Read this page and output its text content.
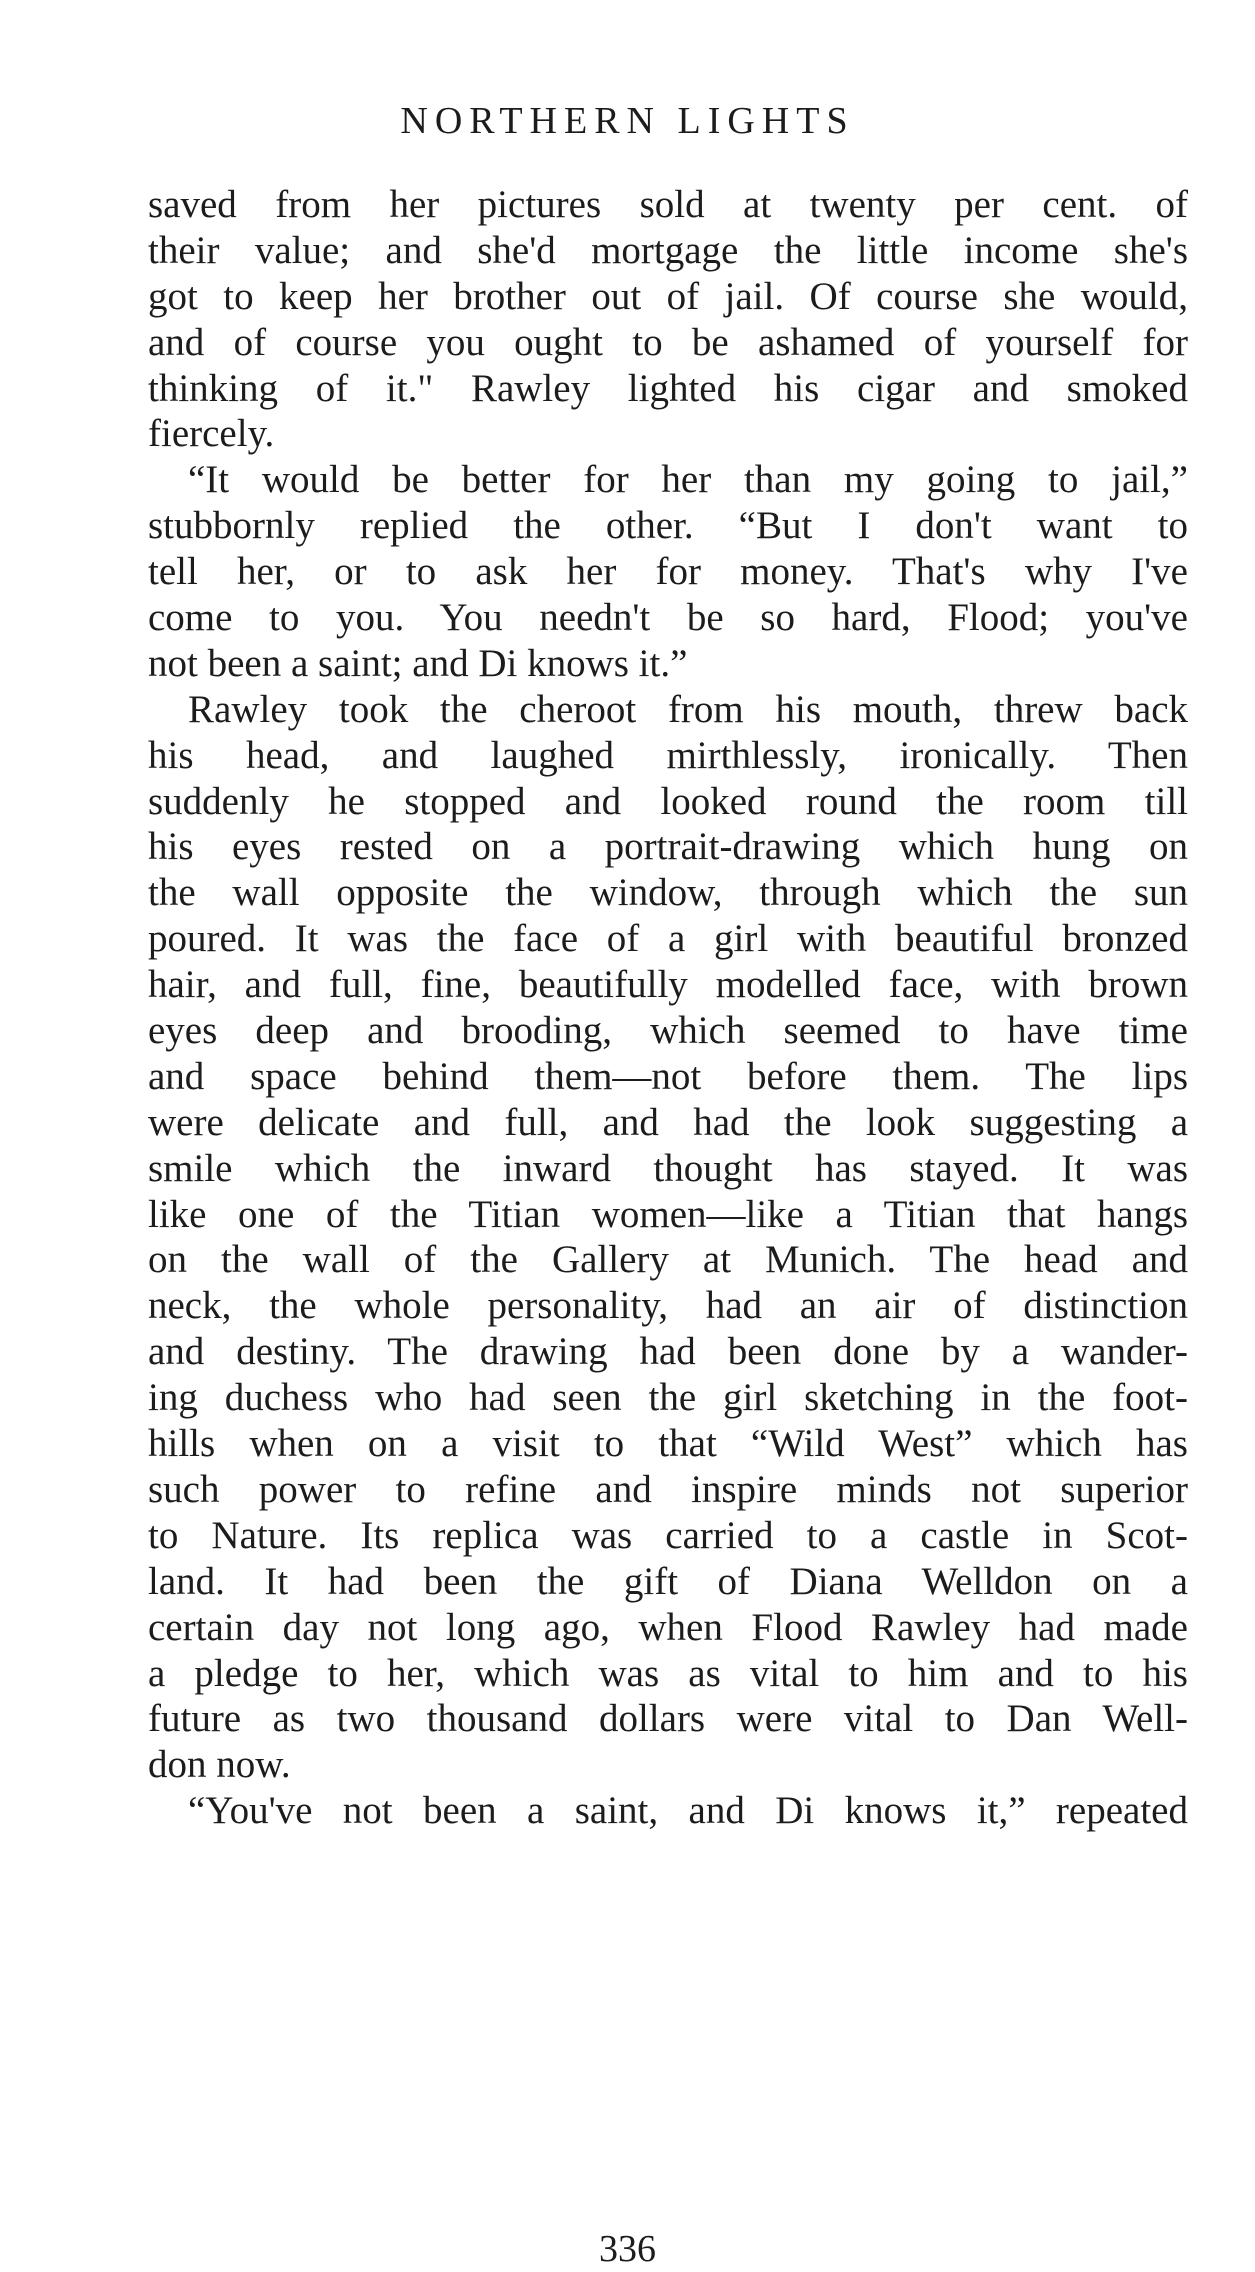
NORTHERN LIGHTS
saved from her pictures sold at twenty per cent. of
their value; and she'd mortgage the little income she's
got to keep her brother out of jail. Of course she would,
and of course you ought to be ashamed of yourself for
thinking of it." Rawley lighted his cigar and smoked
fiercely.
“It would be better for her than my going to jail,”
stubbornly replied the other. “But I don't want to
tell her, or to ask her for money. That's why I've
come to you. You needn't be so hard, Flood; you've
not been a saint; and Di knows it.”
Rawley took the cheroot from his mouth, threw back
his head, and laughed mirthlessly, ironically. Then
suddenly he stopped and looked round the room till
his eyes rested on a portrait-drawing which hung on
the wall opposite the window, through which the sun
poured. It was the face of a girl with beautiful bronzed
hair, and full, fine, beautifully modelled face, with brown
eyes deep and brooding, which seemed to have time
and space behind them—not before them. The lips
were delicate and full, and had the look suggesting a
smile which the inward thought has stayed. It was
like one of the Titian women—like a Titian that hangs
on the wall of the Gallery at Munich. The head and
neck, the whole personality, had an air of distinction
and destiny. The drawing had been done by a wander-
ing duchess who had seen the girl sketching in the foot-
hills when on a visit to that “Wild West” which has
such power to refine and inspire minds not superior
to Nature. Its replica was carried to a castle in Scot-
land. It had been the gift of Diana Welldon on a
certain day not long ago, when Flood Rawley had made
a pledge to her, which was as vital to him and to his
future as two thousand dollars were vital to Dan Well-
don now.
“You've not been a saint, and Di knows it,” repeated
336
